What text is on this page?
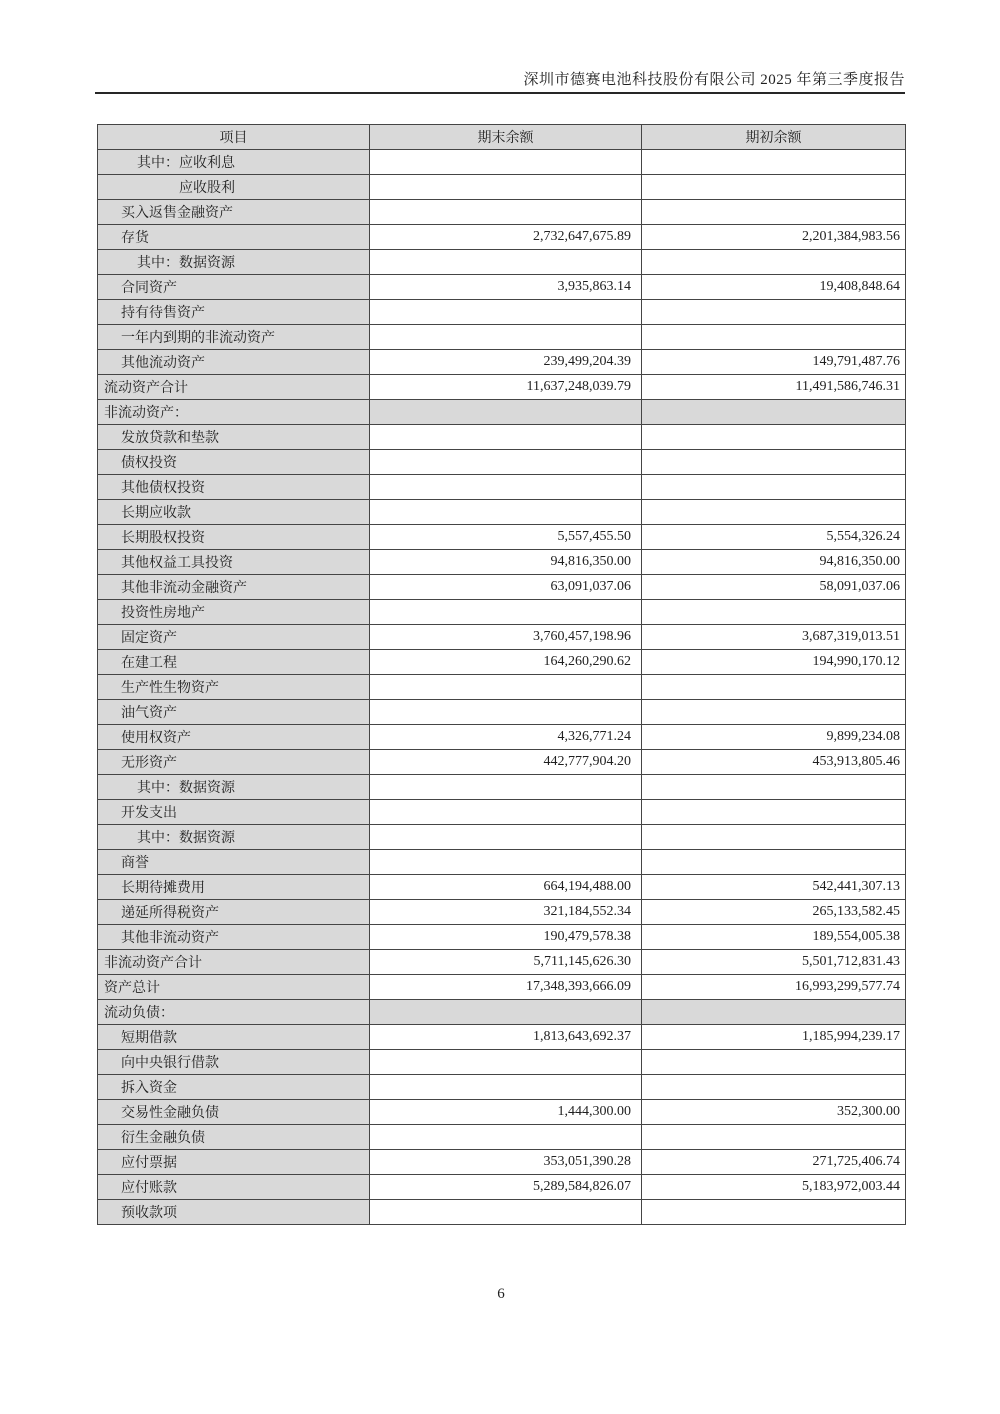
深圳市德赛电池科技股份有限公司 2025 年第三季度报告
项目	期末余额	期初余额
其中：应收利息		
应收股利		
买入返售金融资产		
存货	2,732,647,675.89	2,201,384,983.56
其中：数据资源		
合同资产	3,935,863.14	19,408,848.64
持有待售资产		
一年内到期的非流动资产		
其他流动资产	239,499,204.39	149,791,487.76
流动资产合计	11,637,248,039.79	11,491,586,746.31
非流动资产：		
发放贷款和垫款		
债权投资		
其他债权投资		
长期应收款		
长期股权投资	5,557,455.50	5,554,326.24
其他权益工具投资	94,816,350.00	94,816,350.00
其他非流动金融资产	63,091,037.06	58,091,037.06
投资性房地产		
固定资产	3,760,457,198.96	3,687,319,013.51
在建工程	164,260,290.62	194,990,170.12
生产性生物资产		
油气资产		
使用权资产	4,326,771.24	9,899,234.08
无形资产	442,777,904.20	453,913,805.46
其中：数据资源		
开发支出		
其中：数据资源		
商誉		
长期待摊费用	664,194,488.00	542,441,307.13
递延所得税资产	321,184,552.34	265,133,582.45
其他非流动资产	190,479,578.38	189,554,005.38
非流动资产合计	5,711,145,626.30	5,501,712,831.43
资产总计	17,348,393,666.09	16,993,299,577.74
流动负债：		
短期借款	1,813,643,692.37	1,185,994,239.17
向中央银行借款		
拆入资金		
交易性金融负债	1,444,300.00	352,300.00
衍生金融负债		
应付票据	353,051,390.28	271,725,406.74
应付账款	5,289,584,826.07	5,183,972,003.44
预收款项		
6
